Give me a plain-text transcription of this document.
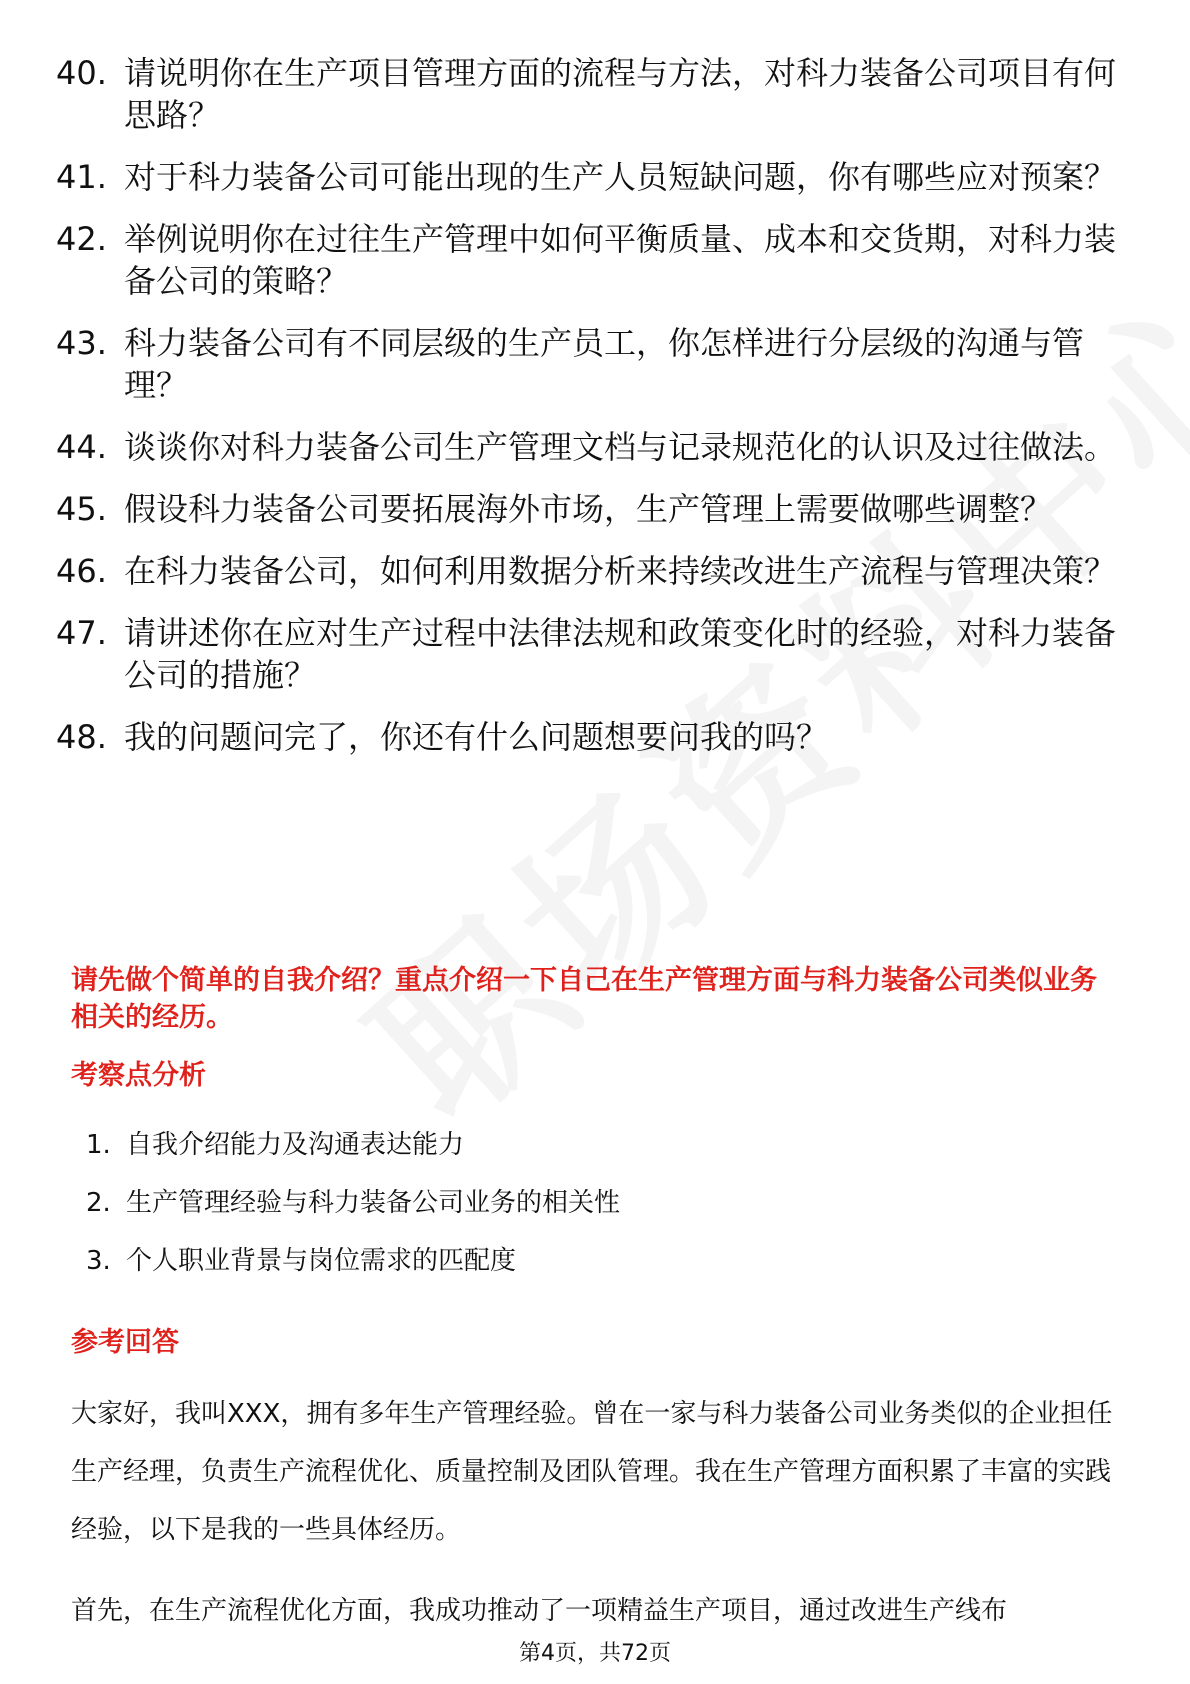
40. 请说明你在生产项目管理方面的流程与方法，对科力装备公司项目有何思路？
41. 对于科力装备公司可能出现的生产人员短缺问题，你有哪些应对预案？
42. 举例说明你在过往生产管理中如何平衡质量、成本和交货期，对科力装备公司的策略？
43. 科力装备公司有不同层级的生产员工，你怎样进行分层级的沟通与管理？
44. 谈谈你对科力装备公司生产管理文档与记录规范化的认识及过往做法。
45. 假设科力装备公司要拓展海外市场，生产管理上需要做哪些调整？
46. 在科力装备公司，如何利用数据分析来持续改进生产流程与管理决策？
47. 请讲述你在应对生产过程中法律法规和政策变化时的经验，对科力装备公司的措施？
48. 我的问题问完了，你还有什么问题想要问我的吗？

请先做个简单的自我介绍？重点介绍一下自己在生产管理方面与科力装备公司类似业务相关的经历。

考察点分析
1. 自我介绍能力及沟通表达能力
2. 生产管理经验与科力装备公司业务的相关性
3. 个人职业背景与岗位需求的匹配度
参考回答

大家好，我叫XXX，拥有多年生产管理经验。曾在一家与科力装备公司业务类似的企业担任生产经理，负责生产流程优化、质量控制及团队管理。我在生产管理方面积累了丰富的实践经验，以下是我的一些具体经历。

首先，在生产流程优化方面，我成功推动了一项精益生产项目，通过改进生产线布

第4页，共72页
